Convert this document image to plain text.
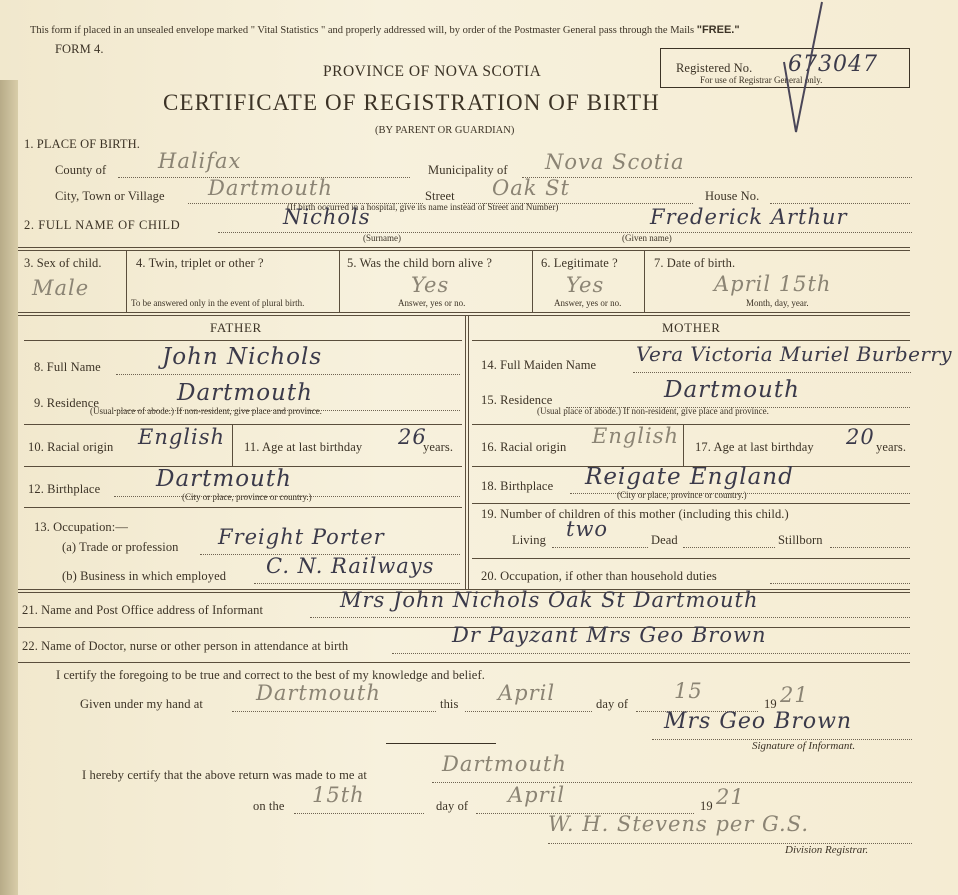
This form if placed in an unsealed envelope marked " Vital Statistics " and properly addressed will, by order of the Postmaster General pass through the Mails "FREE."
FORM 4.
PROVINCE OF NOVA SCOTIA
CERTIFICATE OF REGISTRATION OF BIRTH
(BY PARENT OR GUARDIAN)
Registered No. 673047
For use of Registrar General only.
1. PLACE OF BIRTH.
County of Halifax	Municipality of Nova Scotia
City, Town or Village Dartmouth	Street Oak St	House No.
(If birth occurred in a hospital, give its name instead of Street and Number)
2. FULL NAME OF CHILD	Nichols
(Surname)
Frederick Arthur
(Given name)
3. Sex of child.
Male
4. Twin, triplet or other ?
To be answered only in the event of plural birth.
5. Was the child born alive ?
Yes
Answer, yes or no.
6. Legitimate ?
Yes
Answer, yes or no.
7. Date of birth.
April 15th
Month, day, year.
FATHER
8. Full Name	John Nichols
9. Residence	Dartmouth
(Usual place of abode.) If non-resident, give place and province.
10. Racial origin English 11. Age at last birthday 26
years.
12. Birthplace Dartmouth
(City or place, province or country.)
13. Occupation:—
(a) Trade or profession Freight Porter
(b) Business in which employed C. N. Railways
MOTHER
14. Full Maiden Name Vera Victoria Muriel Burberry
15. Residence	Dartmouth
(Usual place of abode.) If non-resident, give place and province.
16. Racial origin English 17. Age at last birthday 20 years.
18. Birthplace Reigate England
(City or place, province or country.)
19. Number of children of this mother (including this child.)
Living two	Dead	Stillborn
20. Occupation, if other than household duties
21. Name and Post Office address of Informant	Mrs John Nichols Oak St Dartmouth
22. Name of Doctor, nurse or other person in attendance at birth	Dr Payzant Mrs Geo Brown
I certify the foregoing to be true and correct to the best of my knowledge and belief.
Given under my hand at	Dartmouth	this April	day of
15
19 21
Mrs Geo Brown
Signature of Informant.
I hereby certify that the above return was made to me at	Dartmouth
on the 15th	day of April	19 21
W. H. Stevens per G.S.
Division Registrar.
